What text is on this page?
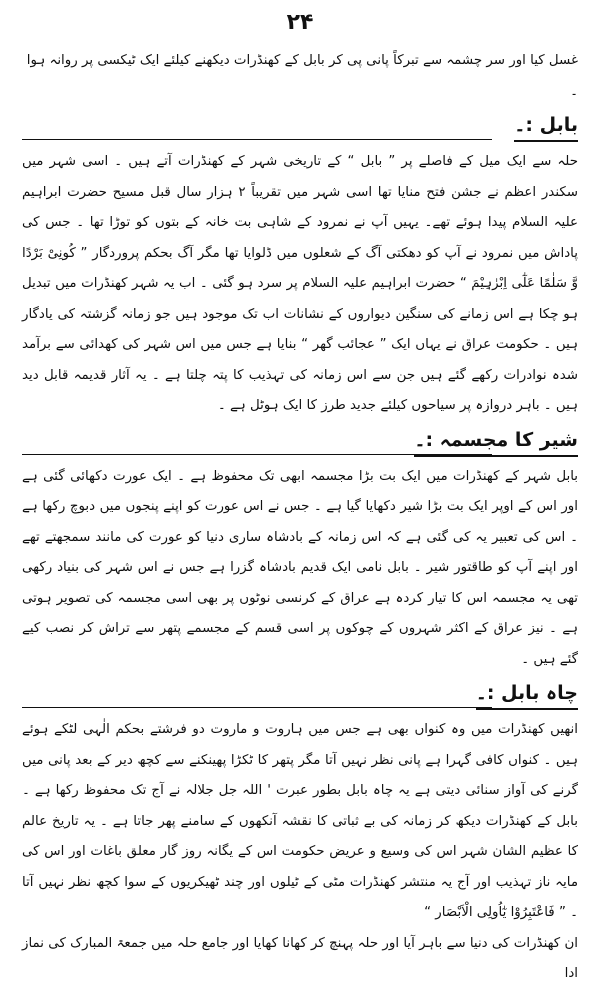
۲۴

غسل کیا اور سر چشمہ سے تبرکاً پانی پی کر بابل کے کھنڈرات دیکھنے کیلئے ایک ٹیکسی پر روانہ ہوا ۔

بابل :۔

حلہ سے ایک میل کے فاصلے پر ” بابل “ کے تاریخی شہر کے کھنڈرات آتے ہیں ۔ اسی شہر میں سکندر اعظم نے جشن فتح منایا تھا اسی شہر میں تقریباً ۲ ہزار سال قبل مسیح حضرت ابراہیم علیہ السلام پیدا ہوئے تھے۔ یہیں آپ نے نمرود کے شاہی بت خانہ کے بتوں کو توڑا تھا ۔ جس کی پاداش میں نمرود نے آپ کو دھکتی آگ کے شعلوں میں ڈلوایا تھا مگر آگ بحکم پروردگار ” کُونِیْ بَرْدًا وَّ سَلٰمًا عَلٰٓی اِبْرٰہِیْمَ “ حضرت ابراہیم علیہ السلام پر سرد ہو گئی ۔ اب یہ شہر کھنڈرات میں تبدیل ہو چکا ہے اس زمانے کی سنگین دیواروں کے نشانات اب تک موجود ہیں جو زمانہ گزشتہ کی یادگار ہیں ۔ حکومت عراق نے یہاں ایک ” عجائب گھر “ بنایا ہے جس میں اس شہر کی کھدائی سے برآمد شدہ نوادرات رکھے گئے ہیں جن سے اس زمانہ کی تہذیب کا پتہ چلتا ہے ۔ یہ آثار قدیمہ قابل دید ہیں ۔ باہر دروازہ پر سیاحوں کیلئے جدید طرز کا ایک ہوٹل ہے ۔

شیر کا مجسمہ :۔

بابل شہر کے کھنڈرات میں ایک بت بڑا مجسمہ ابھی تک محفوظ ہے ۔ ایک عورت دکھائی گئی ہے اور اس کے اوپر ایک بت بڑا شیر دکھایا گیا ہے ۔ جس نے اس عورت کو اپنے پنجوں میں دبوچ رکھا ہے ۔ اس کی تعبیر یہ کی گئی ہے کہ اس زمانہ کے بادشاہ ساری دنیا کو عورت کی مانند سمجھتے تھے اور اپنے آپ کو طاقتور شیر ۔ بابل نامی ایک قدیم بادشاہ گزرا ہے جس نے اس شہر کی بنیاد رکھی تھی یہ مجسمہ اس کا تیار کردہ ہے عراق کے کرنسی نوٹوں پر بھی اسی مجسمہ کی تصویر ہوتی ہے ۔ نیز عراق کے اکثر شہروں کے چوکوں پر اسی قسم کے مجسمے پتھر سے تراش کر نصب کیے گئے ہیں ۔

چاہ بابل :۔

انھیں کھنڈرات میں وہ کنواں بھی ہے جس میں ہاروت و ماروت دو فرشتے بحکم الٰہی لٹکے ہوئے ہیں ۔ کنواں کافی گہرا ہے پانی نظر نہیں آتا مگر پتھر کا ٹکڑا پھینکنے سے کچھ دیر کے بعد پانی میں گرنے کی آواز سنائی دیتی ہے یہ چاہ بابل بطور عبرت ' اللہ جل جلالہ نے آج تک محفوظ رکھا ہے ۔ بابل کے کھنڈرات دیکھ کر زمانہ کی بے ثباتی کا نقشہ آنکھوں کے سامنے پھر جاتا ہے ۔ یہ تاریخ عالم کا عظیم الشان شہر اس کی وسیع و عریض حکومت اس کے یگانہ روز گار معلق باغات اور اس کی مایہ ناز تہذیب اور آج یہ منتشر کھنڈرات مٹی کے ٹیلوں اور چند ٹھیکریوں کے سوا کچھ نظر نہیں آتا ۔ ” فَاعْتَبِرُوْا یٰٓاُولِی الْاَبْصَار “

ان کھنڈرات کی دنیا سے باہر آیا اور حلہ پہنچ کر کھانا کھایا اور جامع حلہ میں جمعۃ المبارک کی نماز ادا
